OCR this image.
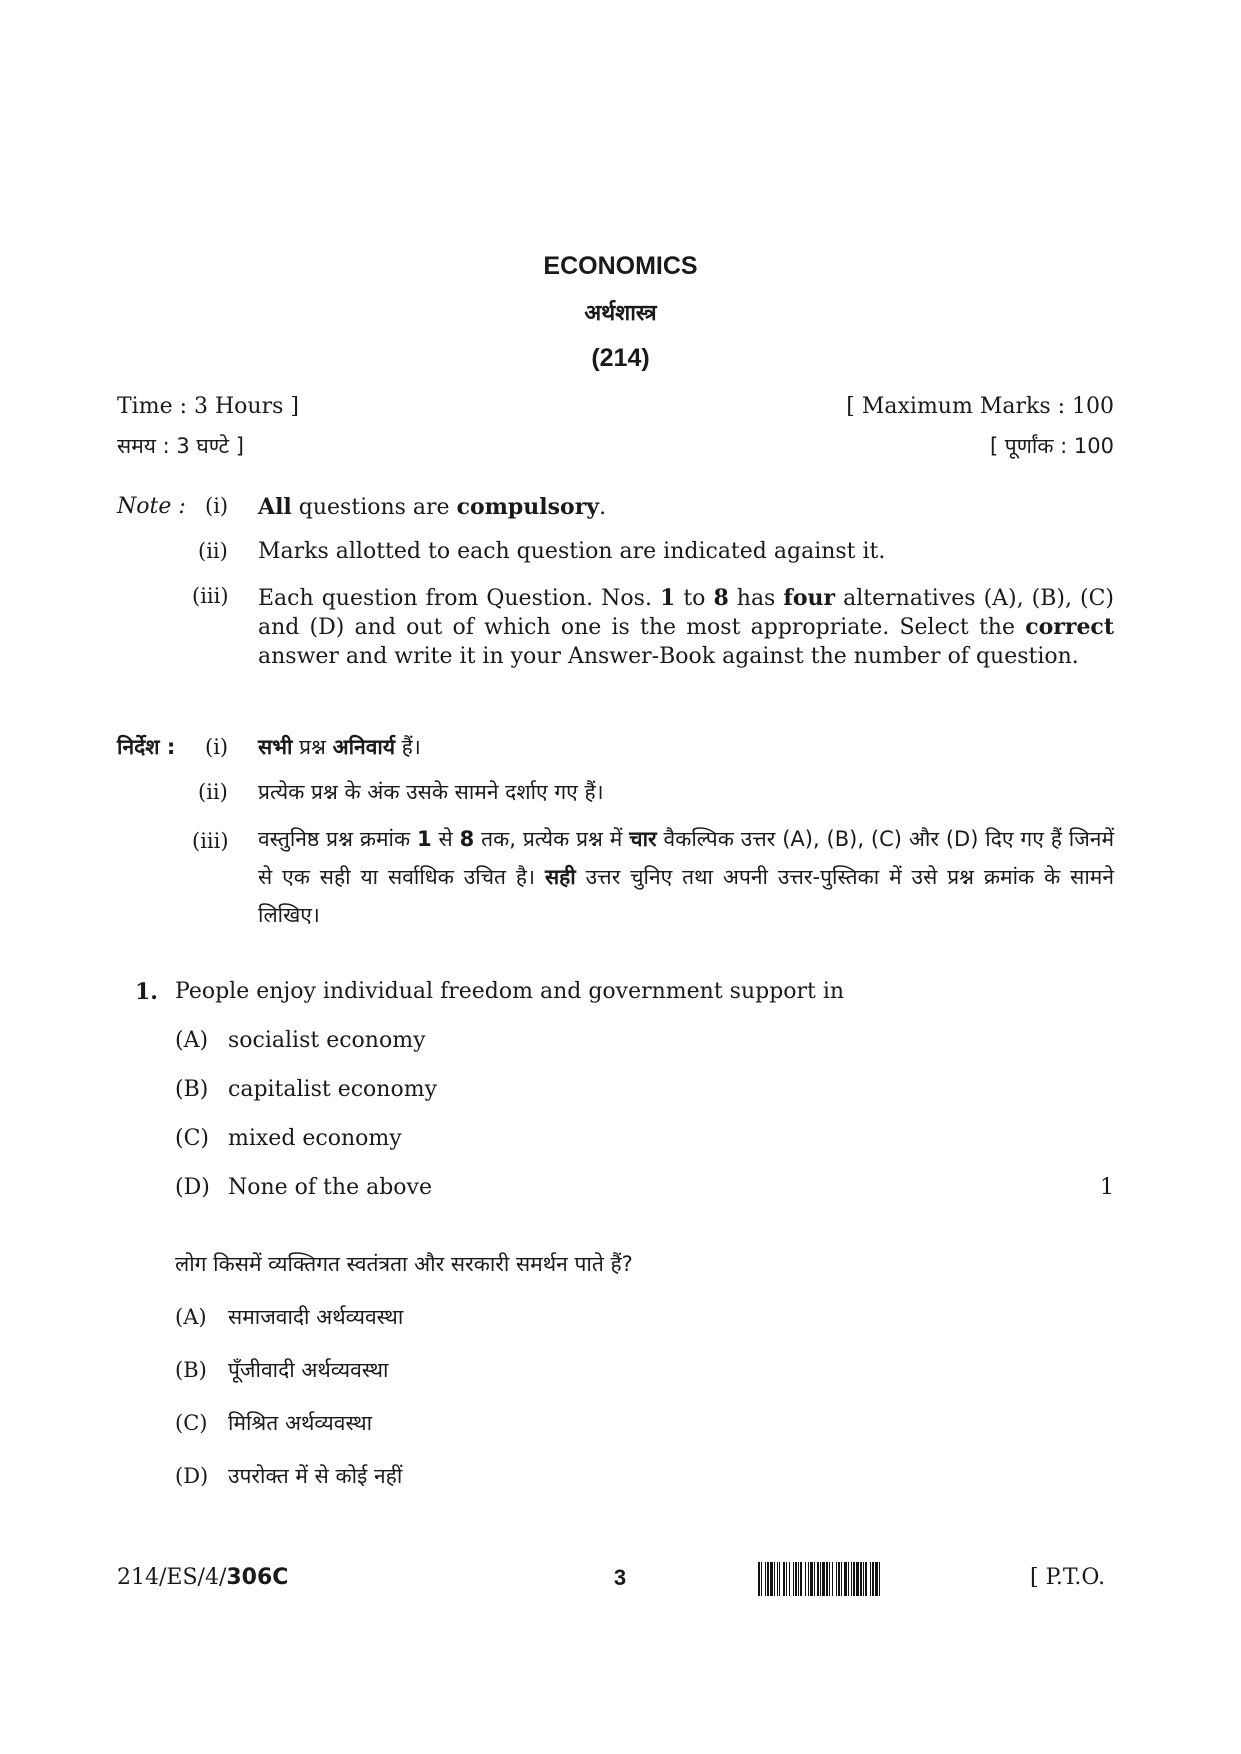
ECONOMICS
अर्थशास्त्र
(214)
Time : 3 Hours ]
समय : 3 घण्टे ]
[ Maximum Marks : 100
[ पूर्णांक : 100
Note : (i) All questions are compulsory.
(ii) Marks allotted to each question are indicated against it.
(iii) Each question from Question. Nos. 1 to 8 has four alternatives (A), (B), (C) and (D) and out of which one is the most appropriate. Select the correct answer and write it in your Answer-Book against the number of question.
निर्देश : (i) सभी प्रश्न अनिवार्य हैं।
(ii) प्रत्येक प्रश्न के अंक उसके सामने दर्शाए गए हैं।
(iii) वस्तुनिष्ठ प्रश्न क्रमांक 1 से 8 तक, प्रत्येक प्रश्न में चार वैकल्पिक उत्तर (A), (B), (C) और (D) दिए गए हैं जिनमें से एक सही या सर्वाधिक उचित है। सही उत्तर चुनिए तथा अपनी उत्तर-पुस्तिका में उसे प्रश्न क्रमांक के सामने लिखिए।
1. People enjoy individual freedom and government support in
(A) socialist economy
(B) capitalist economy
(C) mixed economy
(D) None of the above	1
लोग किसमें व्यक्तिगत स्वतंत्रता और सरकारी समर्थन पाते हैं?
(A) समाजवादी अर्थव्यवस्था
(B) पूँजीवादी अर्थव्यवस्था
(C) मिश्रित अर्थव्यवस्था
(D) उपरोक्त में से कोई नहीं
214/ES/4/306C	3	[ P.T.O.
